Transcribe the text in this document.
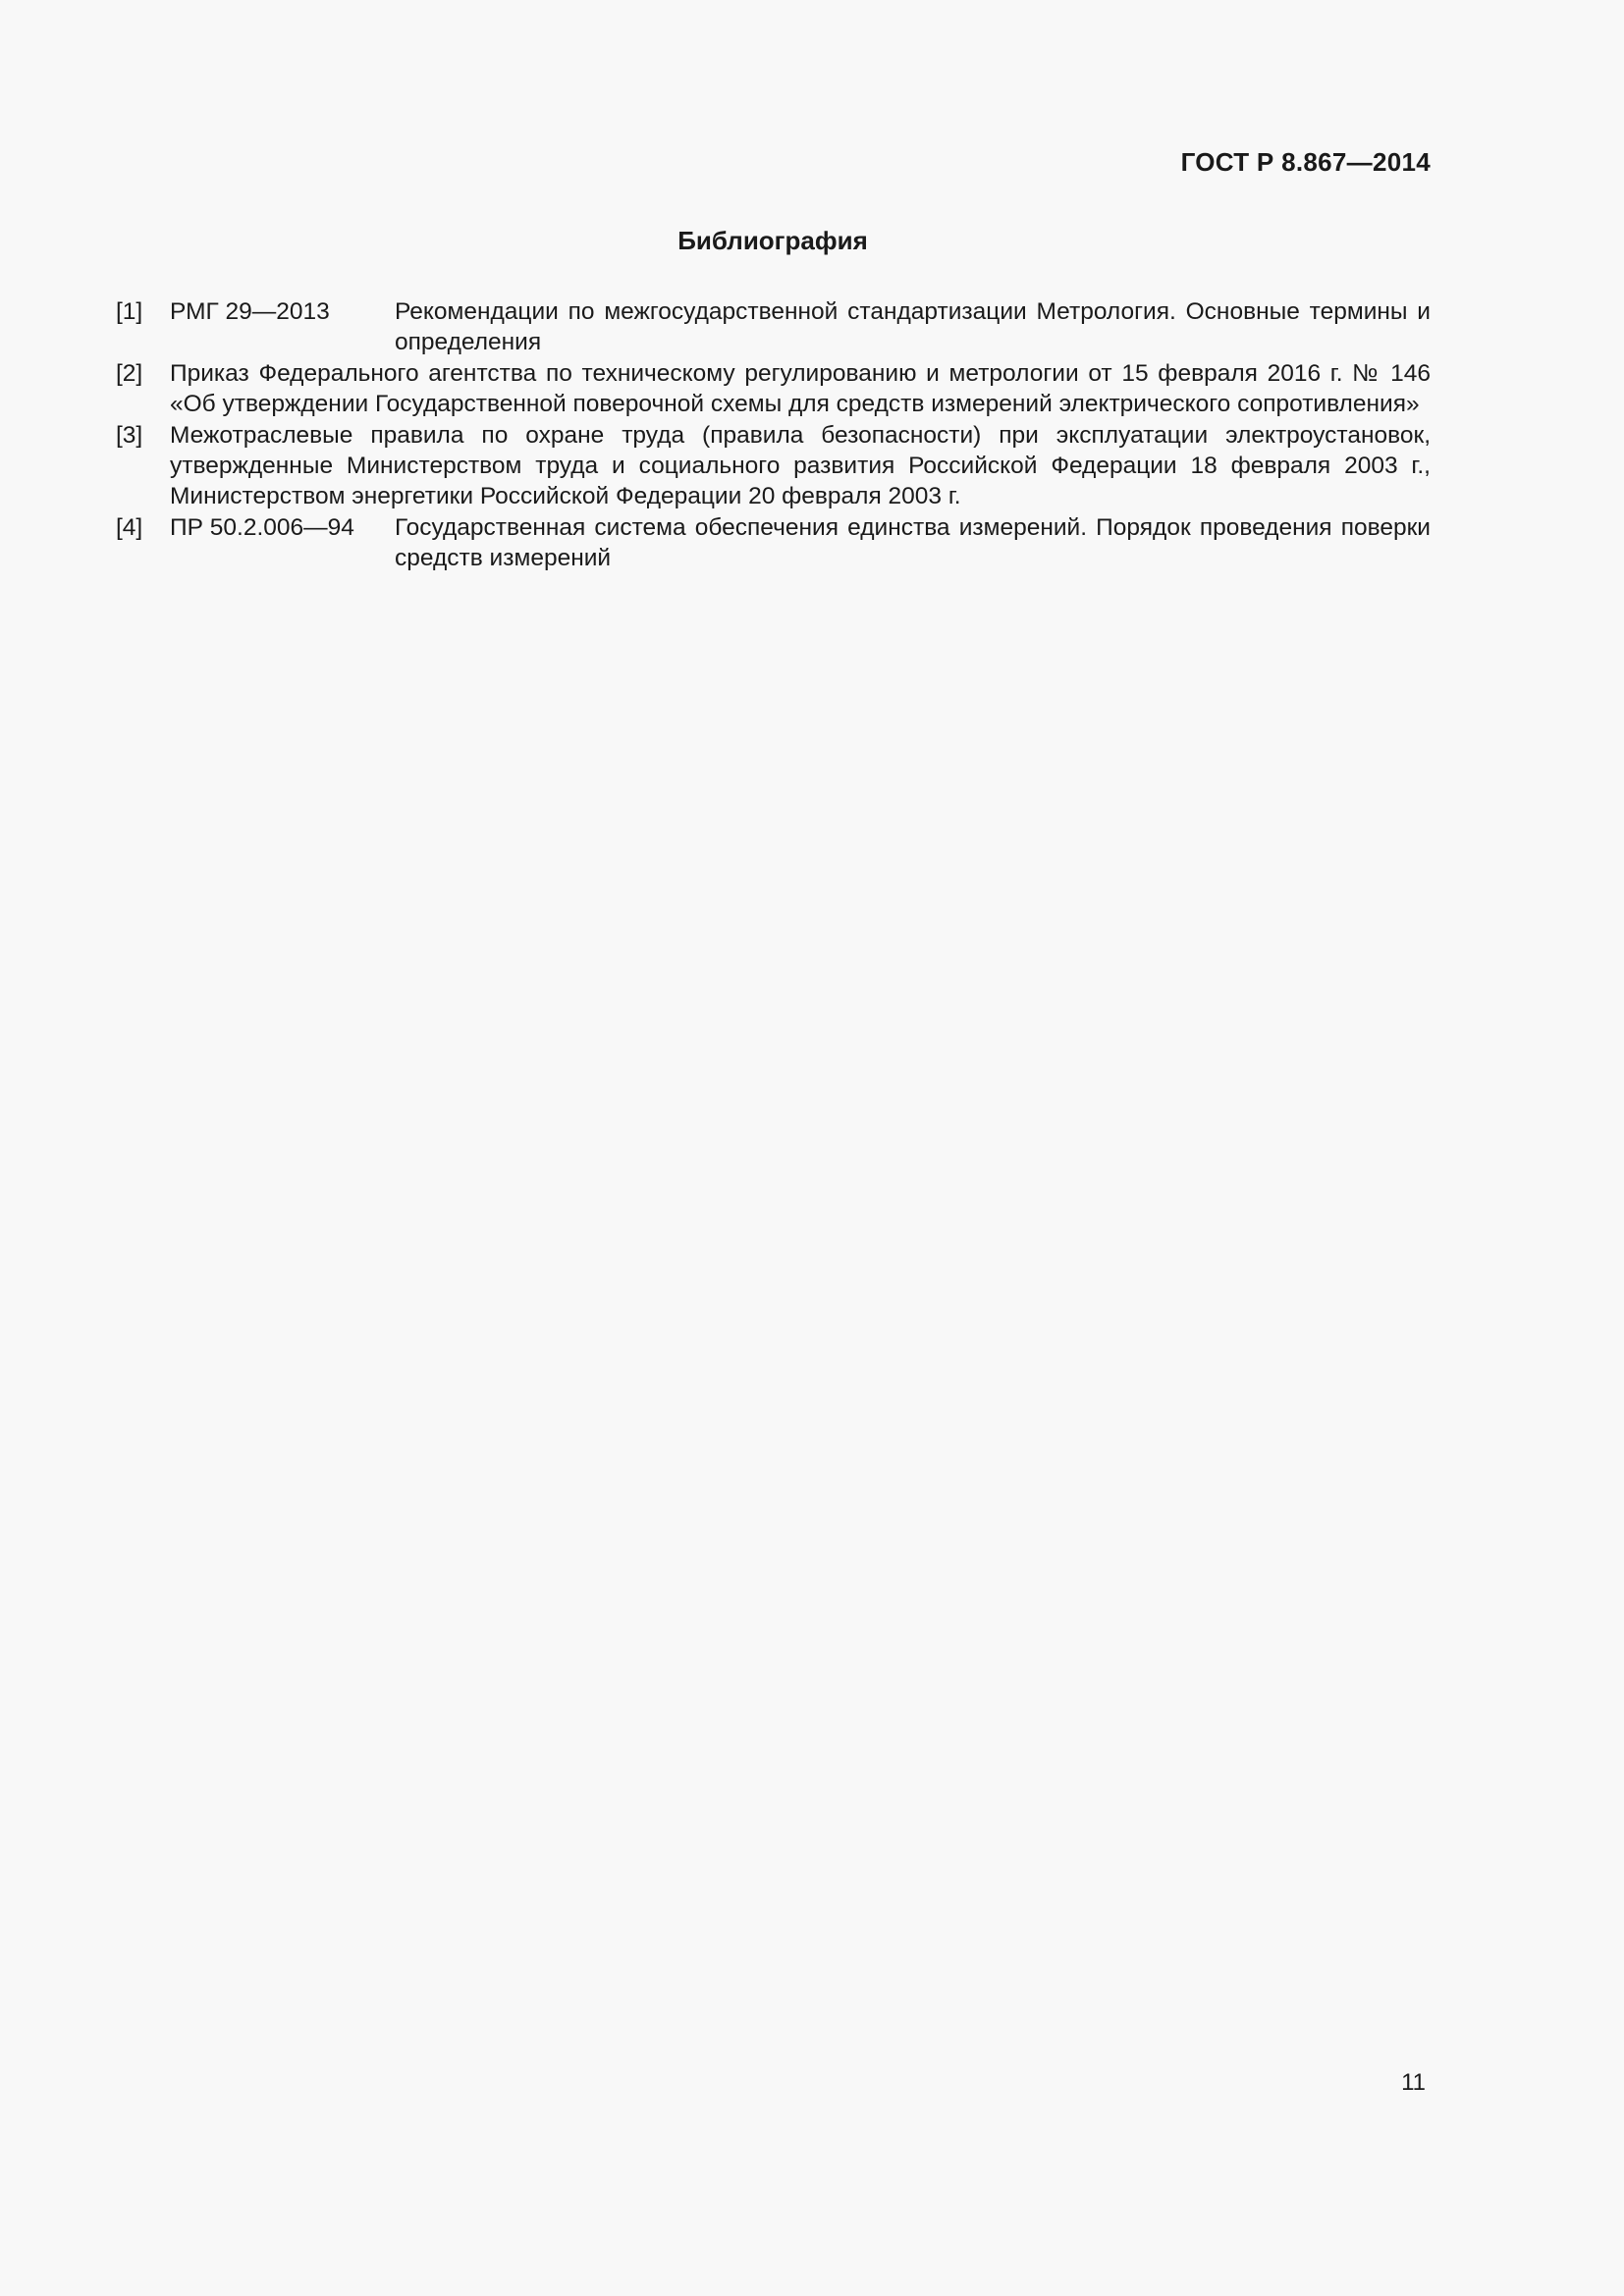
ГОСТ Р 8.867—2014
Библиография
[1] РМГ 29—2013	Рекомендации по межгосударственной стандартизации Метрология. Основные термины и определения
[2] Приказ Федерального агентства по техническому регулированию и метрологии от 15 февраля 2016 г. № 146 «Об утверждении Государственной поверочной схемы для средств измерений электрического сопротивления»
[3] Межотраслевые правила по охране труда (правила безопасности) при эксплуатации электроустановок, утвержденные Министерством труда и социального развития Российской Федерации 18 февраля 2003 г., Министерством энергетики Российской Федерации 20 февраля 2003 г.
[4] ПР 50.2.006—94 Государственная система обеспечения единства измерений. Порядок проведения поверки средств измерений
11
